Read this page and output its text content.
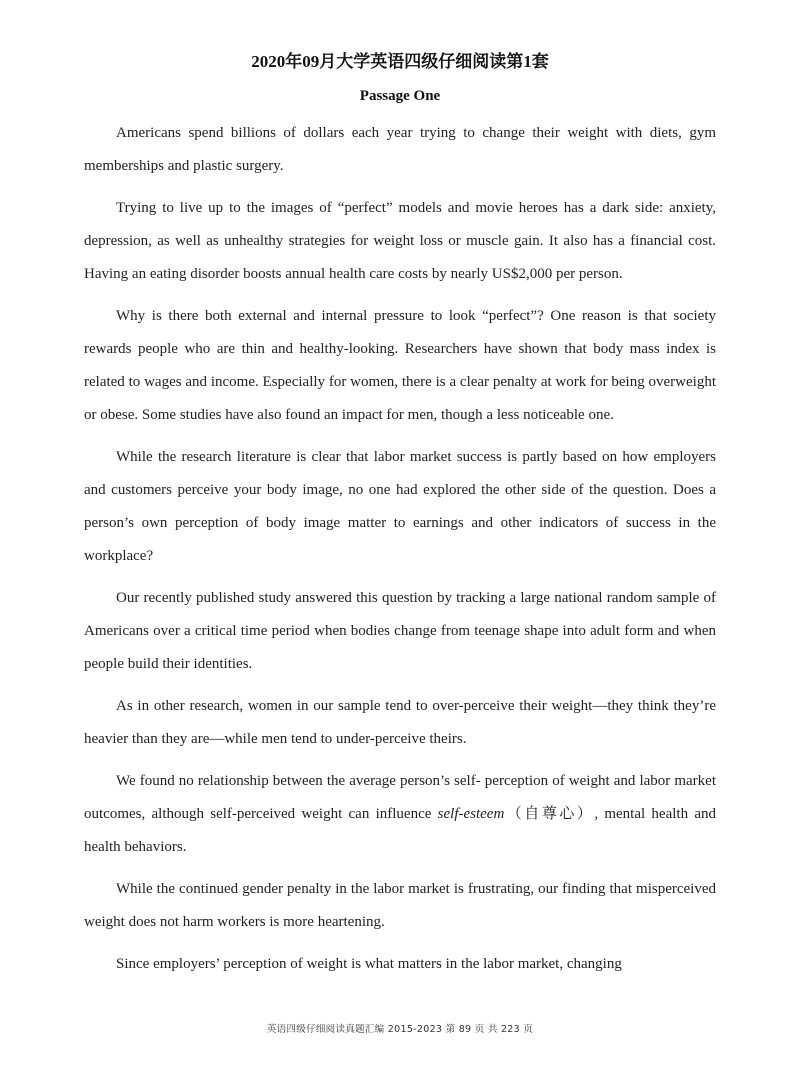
2020年09月大学英语四级仔细阅读第1套
Passage One

Americans spend billions of dollars each year trying to change their weight with diets, gym memberships and plastic surgery.

Trying to live up to the images of “perfect” models and movie heroes has a dark side: anxiety, depression, as well as unhealthy strategies for weight loss or muscle gain. It also has a financial cost. Having an eating disorder boosts annual health care costs by nearly US$2,000 per person.

Why is there both external and internal pressure to look “perfect”? One reason is that society rewards people who are thin and healthy-looking. Researchers have shown that body mass index is related to wages and income. Especially for women, there is a clear penalty at work for being overweight or obese. Some studies have also found an impact for men, though a less noticeable one.

While the research literature is clear that labor market success is partly based on how employers and customers perceive your body image, no one had explored the other side of the question. Does a person’s own perception of body image matter to earnings and other indicators of success in the workplace?

Our recently published study answered this question by tracking a large national random sample of Americans over a critical time period when bodies change from teenage shape into adult form and when people build their identities.

As in other research, women in our sample tend to over-perceive their weight—they think they’re heavier than they are—while men tend to under-perceive theirs.

We found no relationship between the average person’s self- perception of weight and labor market outcomes, although self-perceived weight can influence self-esteem（自尊心）, mental health and health behaviors.

While the continued gender penalty in the labor market is frustrating, our finding that misperceived weight does not harm workers is more heartening.

Since employers’ perception of weight is what matters in the labor market, changing

英语四级仔细阅读真题汇编 2015-2023 第 89 页 共 223 页
